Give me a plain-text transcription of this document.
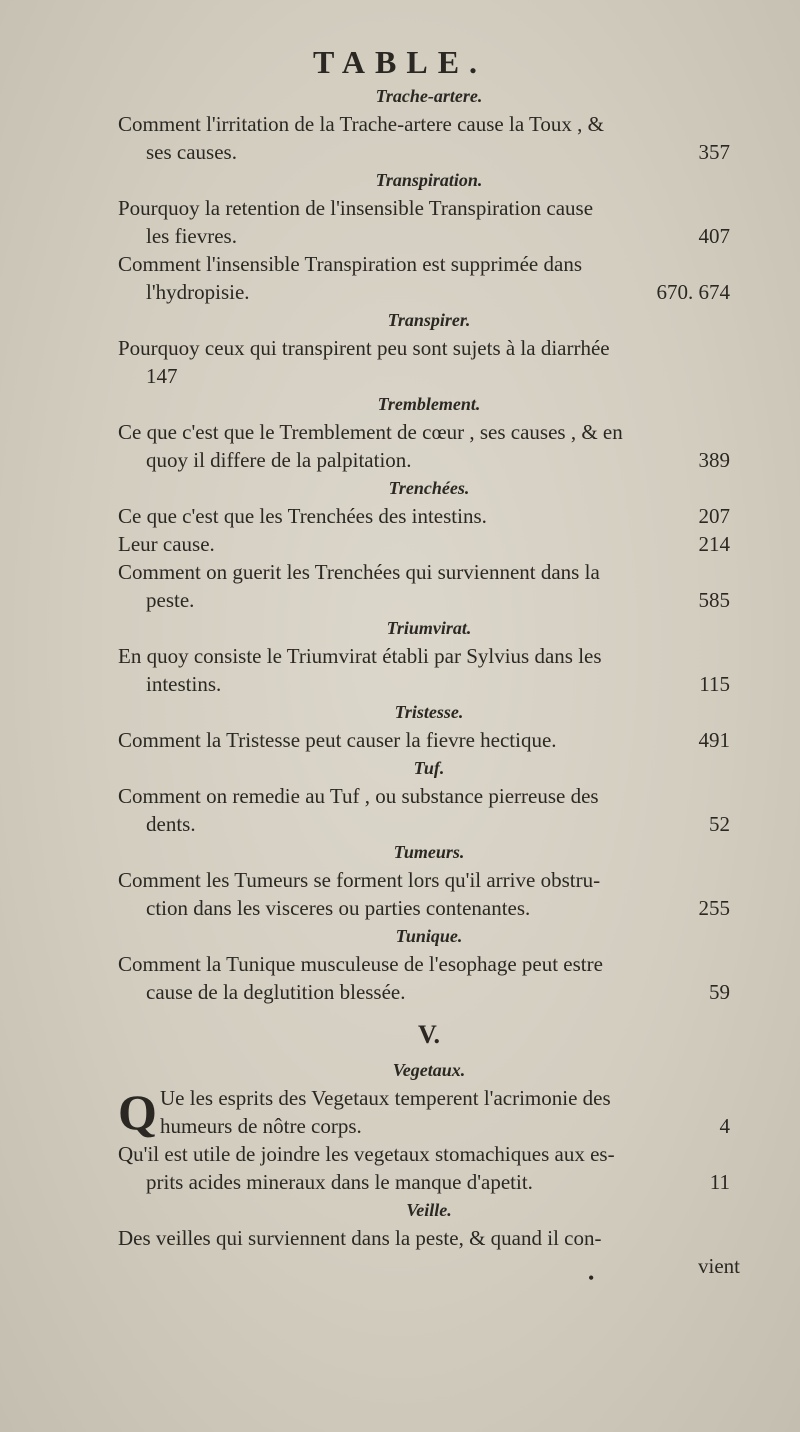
TABLE.
Trache-artere.
Comment l'irritation de la Trache-artere cause la Toux , &
ses causes.	357
Transpiration.
Pourquoy la retention de l'insensible Transpiration cause
les fievres.	407
Comment l'insensible Transpiration est supprimée dans
l'hydropisie.	670. 674
Transpirer.
Pourquoy ceux qui transpirent peu sont sujets à la diarrhée
147
Tremblement.
Ce que c'est que le Tremblement de cœur , ses causes , & en
quoy il differe de la palpitation.	389
Trenchées.
Ce que c'est que les Trenchées des intestins.	207
Leur cause.	214
Comment on guerit les Trenchées qui surviennent dans la
peste.	585
Triumvirat.
En quoy consiste le Triumvirat établi par Sylvius dans les
intestins.	115
Tristesse.
Comment la Tristesse peut causer la fievre hectique.	491
Tuf.
Comment on remedie au Tuf , ou substance pierreuse des
dents.	52
Tumeurs.
Comment les Tumeurs se forment lors qu'il arrive obstru-
ction dans les visceres ou parties contenantes.	255
Tunique.
Comment la Tunique musculeuse de l'esophage peut estre
cause de la deglutition blessée.	59
V.
Vegetaux.
Q Ue les esprits des Vegetaux temperent l'acrimonie des
humeurs de nôtre corps.	4
Qu'il est utile de joindre les vegetaux stomachiques aux es-
prits acides mineraux dans le manque d'apetit.	11
Veille.
Des veilles qui surviennent dans la peste, & quand il con-
vient
•
